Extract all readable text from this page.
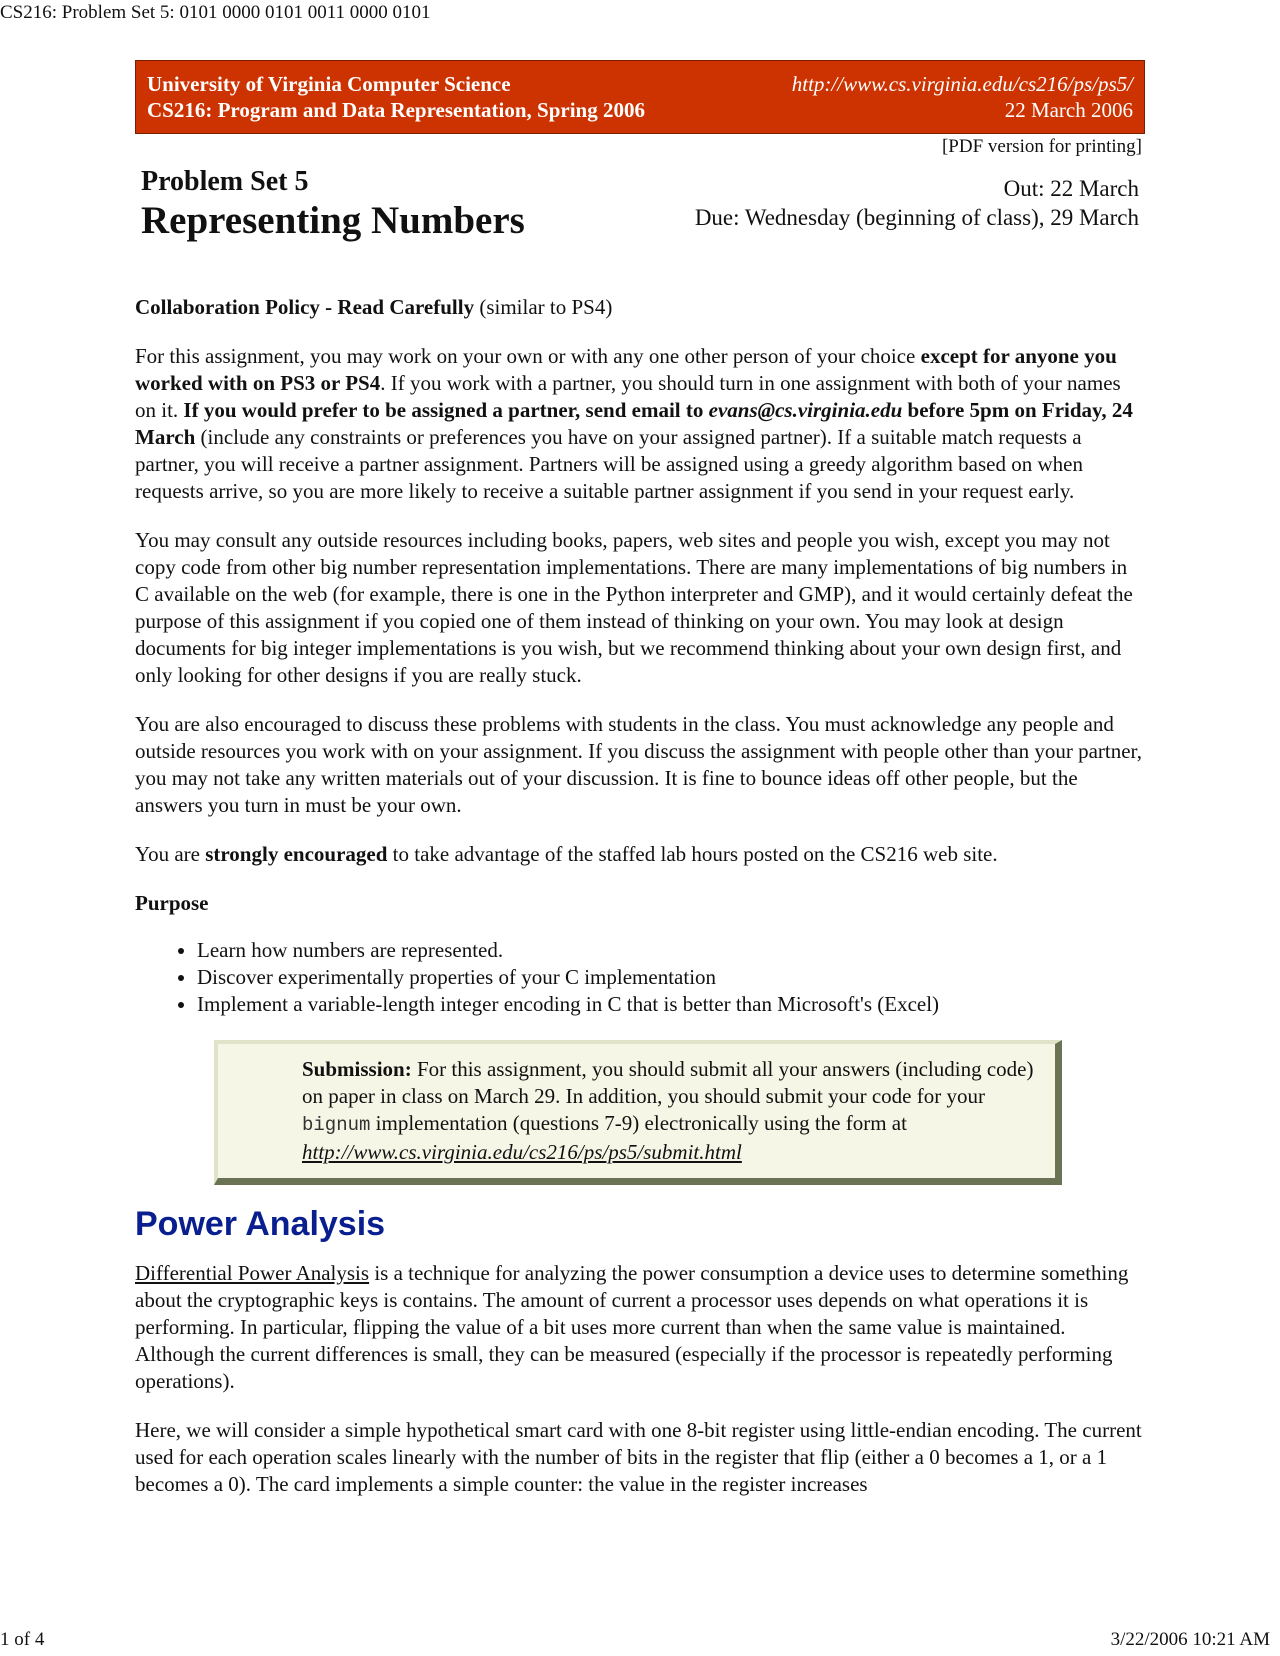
CS216: Problem Set 5: 0101 0000 0101 0011 0000 0101
University of Virginia Computer Science
CS216: Program and Data Representation, Spring 2006
http://www.cs.virginia.edu/cs216/ps/ps5/
22 March 2006
[PDF version for printing]
Problem Set 5
Representing Numbers
Out: 22 March
Due: Wednesday (beginning of class), 29 March
Collaboration Policy - Read Carefully (similar to PS4)

For this assignment, you may work on your own or with any one other person of your choice except for anyone you worked with on PS3 or PS4. If you work with a partner, you should turn in one assignment with both of your names on it. If you would prefer to be assigned a partner, send email to evans@cs.virginia.edu before 5pm on Friday, 24 March (include any constraints or preferences you have on your assigned partner). If a suitable match requests a partner, you will receive a partner assignment. Partners will be assigned using a greedy algorithm based on when requests arrive, so you are more likely to receive a suitable partner assignment if you send in your request early.

You may consult any outside resources including books, papers, web sites and people you wish, except you may not copy code from other big number representation implementations. There are many implementations of big numbers in C available on the web (for example, there is one in the Python interpreter and GMP), and it would certainly defeat the purpose of this assignment if you copied one of them instead of thinking on your own. You may look at design documents for big integer implementations is you wish, but we recommend thinking about your own design first, and only looking for other designs if you are really stuck.

You are also encouraged to discuss these problems with students in the class. You must acknowledge any people and outside resources you work with on your assignment. If you discuss the assignment with people other than your partner, you may not take any written materials out of your discussion. It is fine to bounce ideas off other people, but the answers you turn in must be your own.

You are strongly encouraged to take advantage of the staffed lab hours posted on the CS216 web site.

Purpose
• Learn how numbers are represented.
• Discover experimentally properties of your C implementation
• Implement a variable-length integer encoding in C that is better than Microsoft's (Excel)
Submission: For this assignment, you should submit all your answers (including code) on paper in class on March 29. In addition, you should submit your code for your bignum implementation (questions 7-9) electronically using the form at http://www.cs.virginia.edu/cs216/ps/ps5/submit.html
Power Analysis

Differential Power Analysis is a technique for analyzing the power consumption a device uses to determine something about the cryptographic keys is contains. The amount of current a processor uses depends on what operations it is performing. In particular, flipping the value of a bit uses more current than when the same value is maintained. Although the current differences is small, they can be measured (especially if the processor is repeatedly performing operations).

Here, we will consider a simple hypothetical smart card with one 8-bit register using little-endian encoding. The current used for each operation scales linearly with the number of bits in the register that flip (either a 0 becomes a 1, or a 1 becomes a 0). The card implements a simple counter: the value in the register increases

1 of 4	3/22/2006 10:21 AM
